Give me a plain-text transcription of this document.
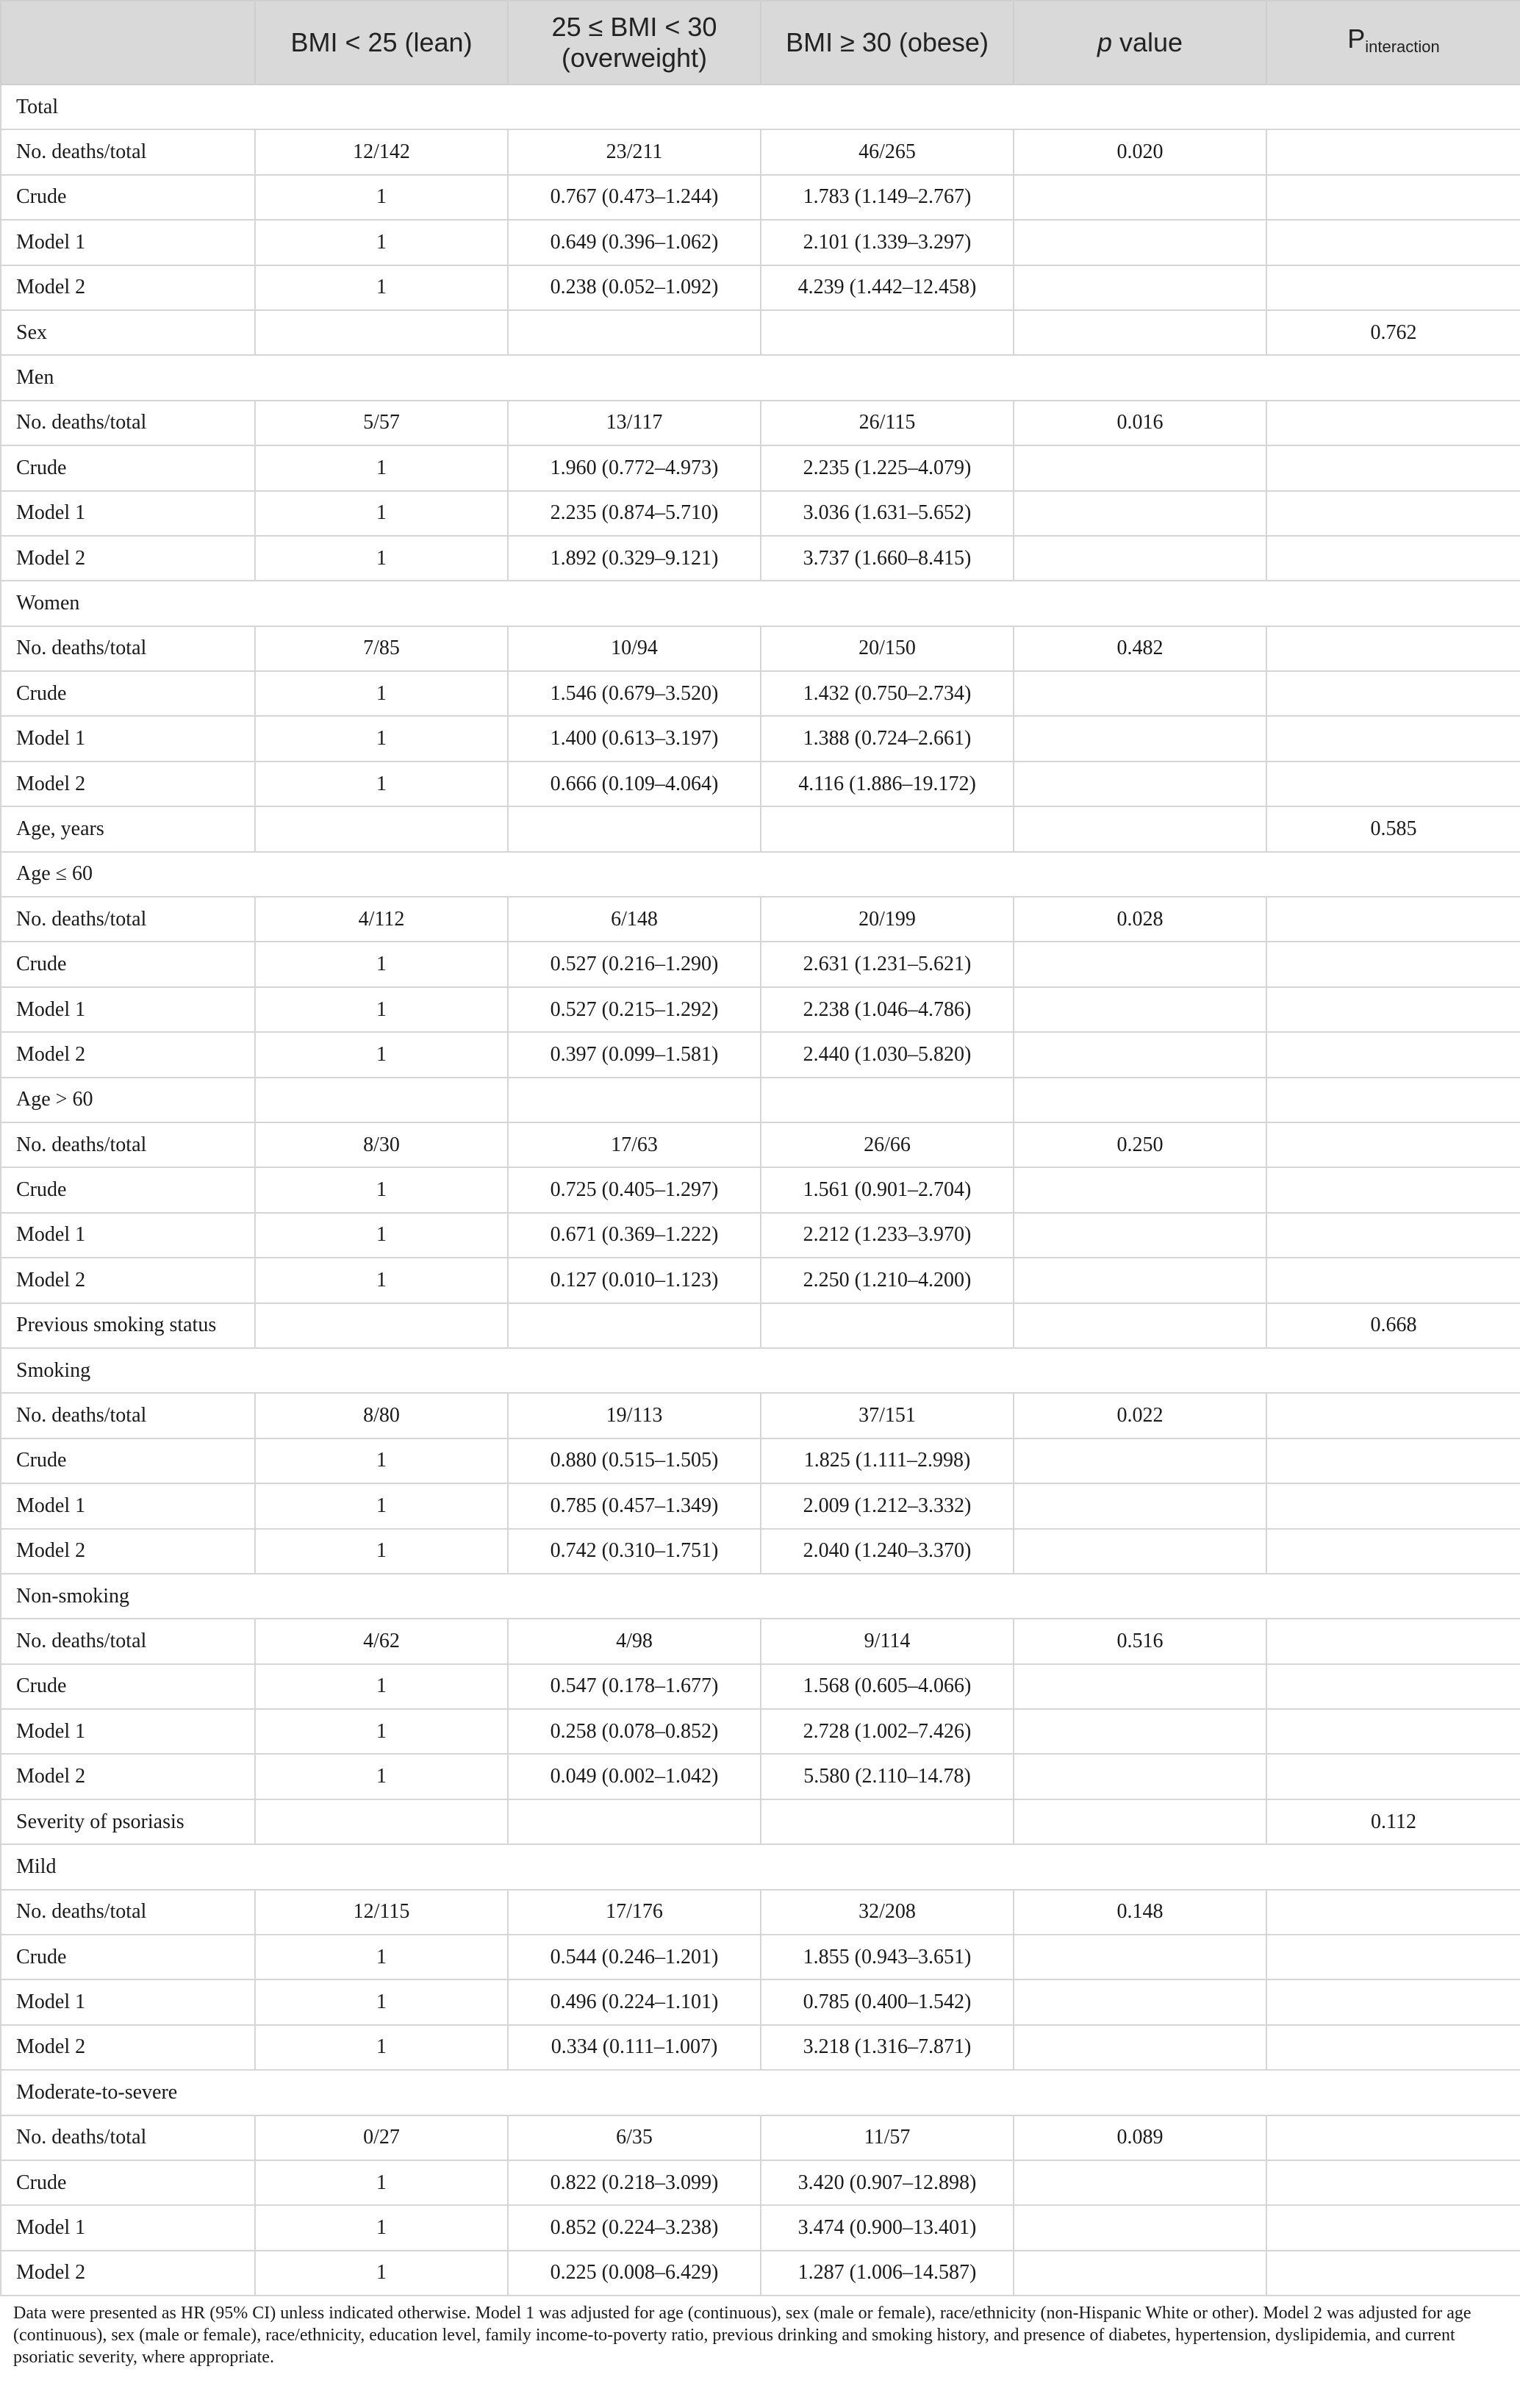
	BMI < 25 (lean)	25 ≤ BMI < 30 (overweight)	BMI ≥ 30 (obese)	p value	$P_{interaction}$
Total					
No. deaths/total	12/142	23/211	46/265	0.020	
Crude	1	0.767 (0.473–1.244)	1.783 (1.149–2.767)		
Model 1	1	0.649 (0.396–1.062)	2.101 (1.339–3.297)		
Model 2	1	0.238 (0.052–1.092)	4.239 (1.442–12.458)		
Sex					0.762
Men					
No. deaths/total	5/57	13/117	26/115	0.016	
Crude	1	1.960 (0.772–4.973)	2.235 (1.225–4.079)		
Model 1	1	2.235 (0.874–5.710)	3.036 (1.631–5.652)		
Model 2	1	1.892 (0.329–9.121)	3.737 (1.660–8.415)		
Women					
No. deaths/total	7/85	10/94	20/150	0.482	
Crude	1	1.546 (0.679–3.520)	1.432 (0.750–2.734)		
Model 1	1	1.400 (0.613–3.197)	1.388 (0.724–2.661)		
Model 2	1	0.666 (0.109–4.064)	4.116 (1.886–19.172)		
Age, years					0.585
Age ≤ 60					
No. deaths/total	4/112	6/148	20/199	0.028	
Crude	1	0.527 (0.216–1.290)	2.631 (1.231–5.621)		
Model 1	1	0.527 (0.215–1.292)	2.238 (1.046–4.786)		
Model 2	1	0.397 (0.099–1.581)	2.440 (1.030–5.820)		
Age > 60					
No. deaths/total	8/30	17/63	26/66	0.250	
Crude	1	0.725 (0.405–1.297)	1.561 (0.901–2.704)		
Model 1	1	0.671 (0.369–1.222)	2.212 (1.233–3.970)		
Model 2	1	0.127 (0.010–1.123)	2.250 (1.210–4.200)		
Previous smoking status					0.668
Smoking					
No. deaths/total	8/80	19/113	37/151	0.022	
Crude	1	0.880 (0.515–1.505)	1.825 (1.111–2.998)		
Model 1	1	0.785 (0.457–1.349)	2.009 (1.212–3.332)		
Model 2	1	0.742 (0.310–1.751)	2.040 (1.240–3.370)		
Non-smoking					
No. deaths/total	4/62	4/98	9/114	0.516	
Crude	1	0.547 (0.178–1.677)	1.568 (0.605–4.066)		
Model 1	1	0.258 (0.078–0.852)	2.728 (1.002–7.426)		
Model 2	1	0.049 (0.002–1.042)	5.580 (2.110–14.78)		
Severity of psoriasis					0.112
Mild					
No. deaths/total	12/115	17/176	32/208	0.148	
Crude	1	0.544 (0.246–1.201)	1.855 (0.943–3.651)		
Model 1	1	0.496 (0.224–1.101)	0.785 (0.400–1.542)		
Model 2	1	0.334 (0.111–1.007)	3.218 (1.316–7.871)		
Moderate-to-severe					
No. deaths/total	0/27	6/35	11/57	0.089	
Crude	1	0.822 (0.218–3.099)	3.420 (0.907–12.898)		
Model 1	1	0.852 (0.224–3.238)	3.474 (0.900–13.401)		
Model 2	1	0.225 (0.008–6.429)	1.287 (1.006–14.587)		
Data were presented as HR (95% CI) unless indicated otherwise. Model 1 was adjusted for age (continuous), sex (male or female), race/ethnicity (non-Hispanic White or other). Model 2 was adjusted for age (continuous), sex (male or female), race/ethnicity, education level, family income-to-poverty ratio, previous drinking and smoking history, and presence of diabetes, hypertension, dyslipidemia, and current psoriatic severity, where appropriate.
